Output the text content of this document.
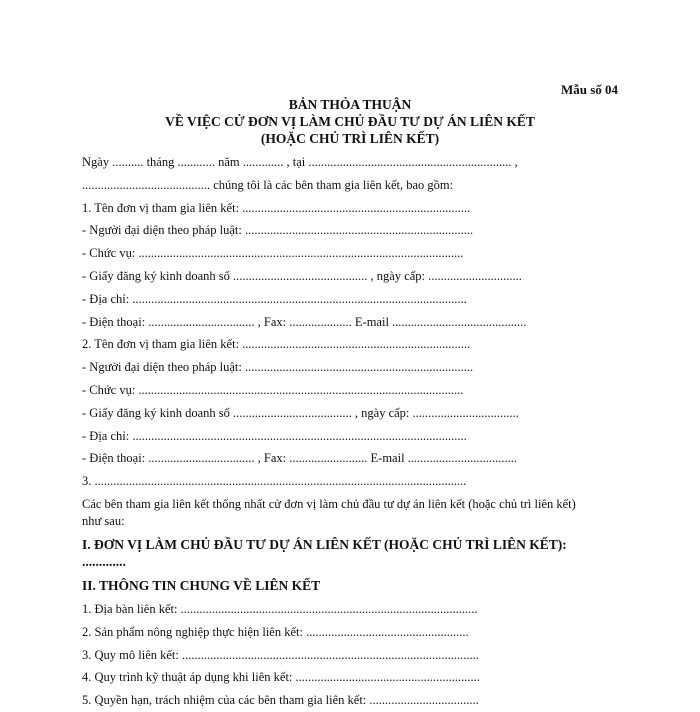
Mẫu số 04
BẢN THỎA THUẬN
VỀ VIỆC CỬ ĐƠN VỊ LÀM CHỦ ĐẦU TƯ DỰ ÁN LIÊN KẾT
(HOẶC CHỦ TRÌ LIÊN KẾT)
Ngày .......... tháng ............ năm ............. , tại ................................................................. ,
......................................... chúng tôi là các bên tham gia liên kết, bao gồm:
1. Tên đơn vị tham gia liên kết: .........................................................................
- Người đại diện theo pháp luật: .........................................................................
- Chức vụ: ........................................................................................................
- Giấy đăng ký kinh doanh số ........................................... , ngày cấp: ..............................
- Địa chỉ: ...........................................................................................................
- Điện thoại: .................................. , Fax: .................... E-mail ...........................................
2. Tên đơn vị tham gia liên kết: .........................................................................
- Người đại diện theo pháp luật: .........................................................................
- Chức vụ: ........................................................................................................
- Giấy đăng ký kinh doanh số ...................................... , ngày cấp: ..................................
- Địa chỉ: ...........................................................................................................
- Điện thoại: .................................. , Fax: ......................... E-mail ...................................
3. .......................................................................................................................
Các bên tham gia liên kết thống nhất cử đơn vị làm chủ đầu tư dự án liên kết (hoặc chủ trì liên kết) như sau:
I. ĐƠN VỊ LÀM CHỦ ĐẦU TƯ DỰ ÁN LIÊN KẾT (HOẶC CHỦ TRÌ LIÊN KẾT): .............
II. THÔNG TIN CHUNG VỀ LIÊN KẾT
1. Địa bàn liên kết: ...............................................................................................
2. Sản phẩm nông nghiệp thực hiện liên kết: ....................................................
3. Quy mô liên kết: ...............................................................................................
4. Quy trình kỹ thuật áp dụng khi liên kết: ...........................................................
5. Quyền hạn, trách nhiệm của các bên tham gia liên kết: ...................................
